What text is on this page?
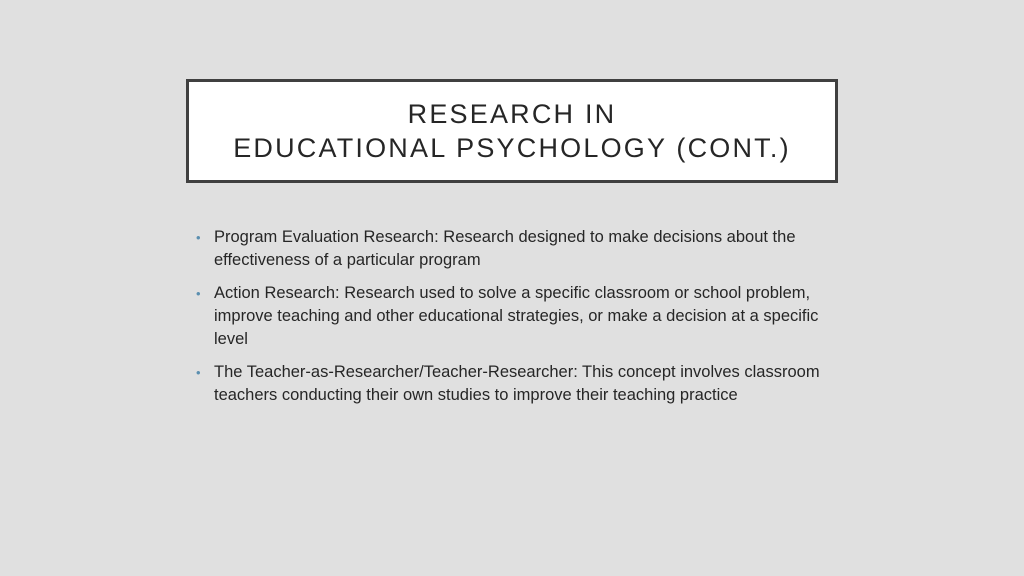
RESEARCH IN
EDUCATIONAL PSYCHOLOGY (CONT.)
• Program Evaluation Research: Research designed to make decisions about the effectiveness of a particular program
• Action Research: Research used to solve a specific classroom or school problem, improve teaching and other educational strategies, or make a decision at a specific level
• The Teacher-as-Researcher/Teacher-Researcher: This concept involves classroom teachers conducting their own studies to improve their teaching practice
